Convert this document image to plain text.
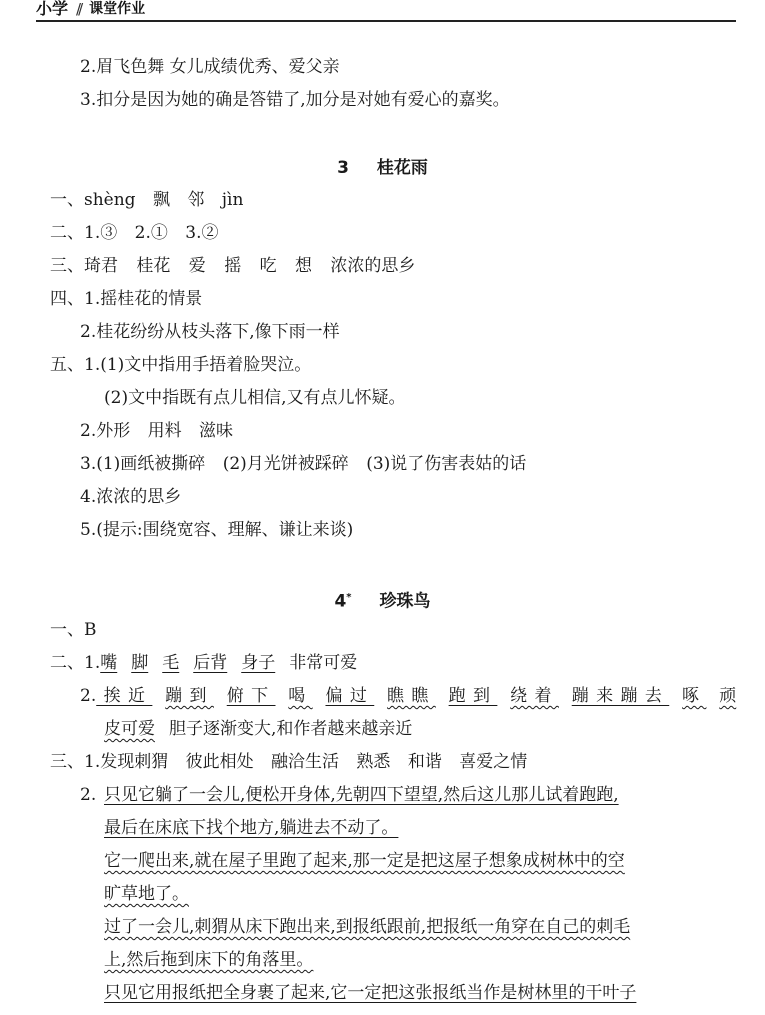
小学 // 课堂作业
2.眉飞色舞 女儿成绩优秀、爱父亲
3.扣分是因为她的确是答错了,加分是对她有爱心的嘉奖。
3 桂花雨
一、shèng 飘 邻 jìn
二、1.③ 2.① 3.②
三、琦君 桂花 爱 摇 吃 想 浓浓的思乡
四、1.摇桂花的情景
2.桂花纷纷从枝头落下,像下雨一样
五、1.(1)文中指用手捂着脸哭泣。
(2)文中指既有点儿相信,又有点儿怀疑。
2.外形 用料 滋味
3.(1)画纸被撕碎 (2)月光饼被踩碎 (3)说了伤害表姑的话
4.浓浓的思乡
5.(提示:围绕宽容、理解、谦让来谈)
4* 珍珠鸟
一、B
二、1.嘴 脚 毛 后背 身子 非常可爱
2.挨近 蹦到 俯下 喝 偏过 瞧瞧 跑到 绕着 蹦来蹦去 啄 顽
皮可爱 胆子逐渐变大,和作者越来越亲近
三、1.发现刺猬 彼此相处 融洽生活 熟悉 和谐 喜爱之情
2. 只见它躺了一会儿,便松开身体,先朝四下望望,然后这儿那儿试着跑跑,
最后在床底下找个地方,躺进去不动了。
它一爬出来,就在屋子里跑了起来,那一定是把这屋子想象成树林中的空
旷草地了。
过了一会儿,刺猬从床下跑出来,到报纸跟前,把报纸一角穿在自己的刺毛
上,然后拖到床下的角落里。
只见它用报纸把全身裹了起来,它一定把这张报纸当作是树林里的干叶子
